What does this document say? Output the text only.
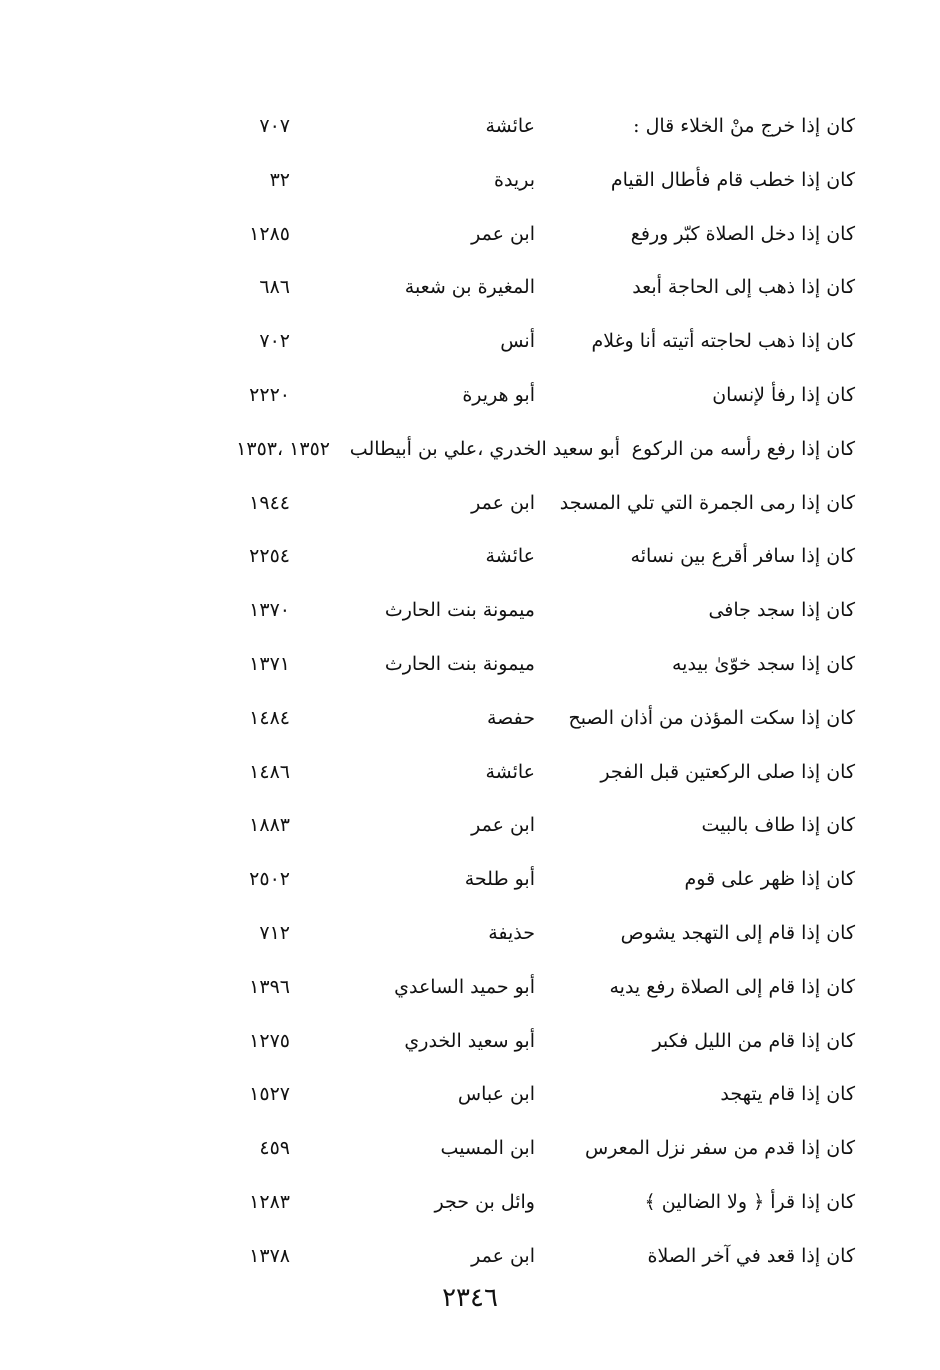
كان إذا خرج منْ الخلاء قال :
عائشة
٧٠٧
كان إذا خطب قام فأطال القيام
بريدة
٣٢
كان إذا دخل الصلاة كبّر ورفع
ابن عمر
١٢٨٥
كان إذا ذهب إلى الحاجة أبعد
المغيرة بن شعبة
٦٨٦
كان إذا ذهب لحاجته أتيته أنا وغلام
أنس
٧٠٢
كان إذا رفأ لإنسان
أبو هريرة
٢٢٢٠
كان إذا رفع رأسه من الركوع
أبو سعيد الخدري ،علي بن أبيطالب
١٣٥٢ ،١٣٥٣
كان إذا رمى الجمرة التي تلي المسجد
ابن عمر
١٩٤٤
كان إذا سافر أقرع بين نسائه
عائشة
٢٢٥٤
كان إذا سجد جافى
ميمونة بنت الحارث
١٣٧٠
كان إذا سجد خوّىٰ بيديه
ميمونة بنت الحارث
١٣٧١
كان إذا سكت المؤذن من أذان الصبح
حفصة
١٤٨٤
كان إذا صلى الركعتين قبل الفجر
عائشة
١٤٨٦
كان إذا طاف بالبيت
ابن عمر
١٨٨٣
كان إذا ظهر على قوم
أبو طلحة
٢٥٠٢
كان إذا قام إلى التهجد يشوص
حذيفة
٧١٢
كان إذا قام إلى الصلاة رفع يديه
أبو حميد الساعدي
١٣٩٦
كان إذا قام من الليل فكبر
أبو سعيد الخدري
١٢٧٥
كان إذا قام يتهجد
ابن عباس
١٥٢٧
كان إذا قدم من سفر نزل المعرس
ابن المسيب
٤٥٩
كان إذا قرأ ﴿ ولا الضالين ﴾
وائل بن حجر
١٢٨٣
كان إذا قعد في آخر الصلاة
ابن عمر
١٣٧٨
٢٣٤٦
